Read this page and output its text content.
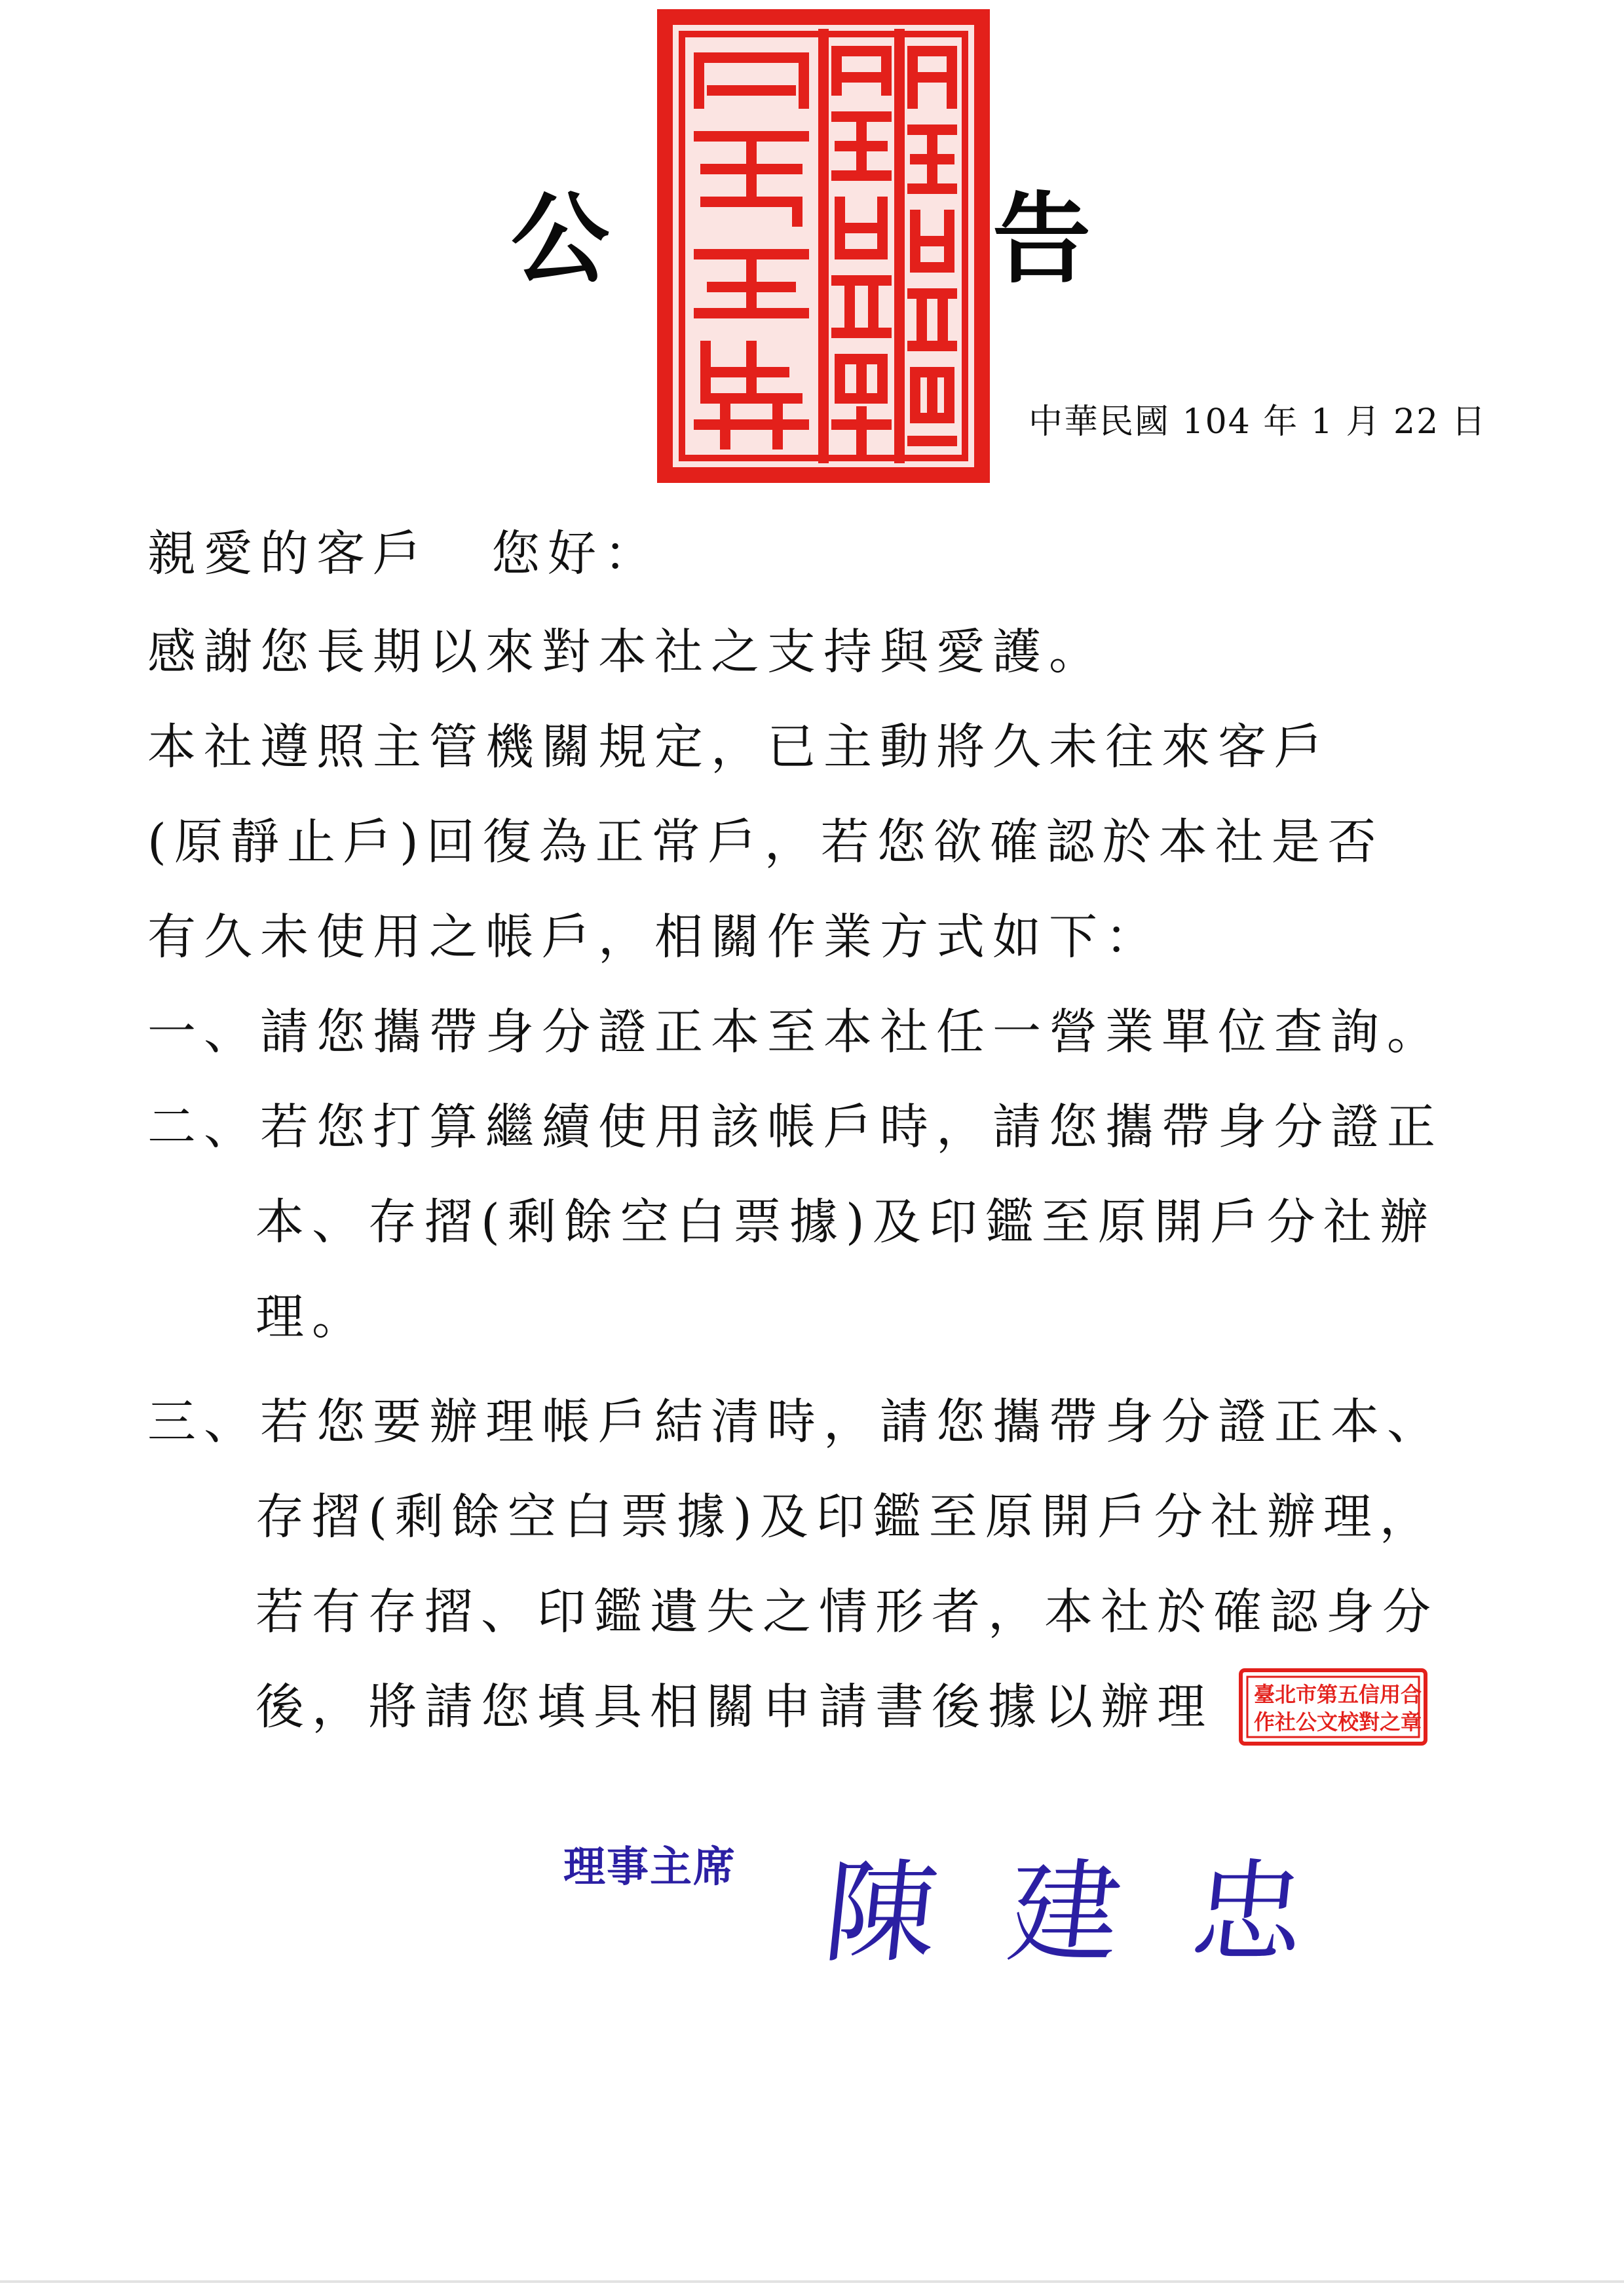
公	告
中華民國 104 年 1 月 22 日
親愛的客戶 您好：
感謝您長期以來對本社之支持與愛護。
本社遵照主管機關規定，已主動將久未往來客戶
(原靜止戶)回復為正常戶，若您欲確認於本社是否
有久未使用之帳戶，相關作業方式如下：
一、請您攜帶身分證正本至本社任一營業單位查詢。
二、若您打算繼續使用該帳戶時，請您攜帶身分證正
本、存摺(剩餘空白票據)及印鑑至原開戶分社辦
理。
三、若您要辦理帳戶結清時，請您攜帶身分證正本、
存摺(剩餘空白票據)及印鑑至原開戶分社辦理，
若有存摺、印鑑遺失之情形者，本社於確認身分
後，將請您填具相關申請書後據以辦理 臺北市第五信用合
作社公文校對之章
理事主席 陳建忠
